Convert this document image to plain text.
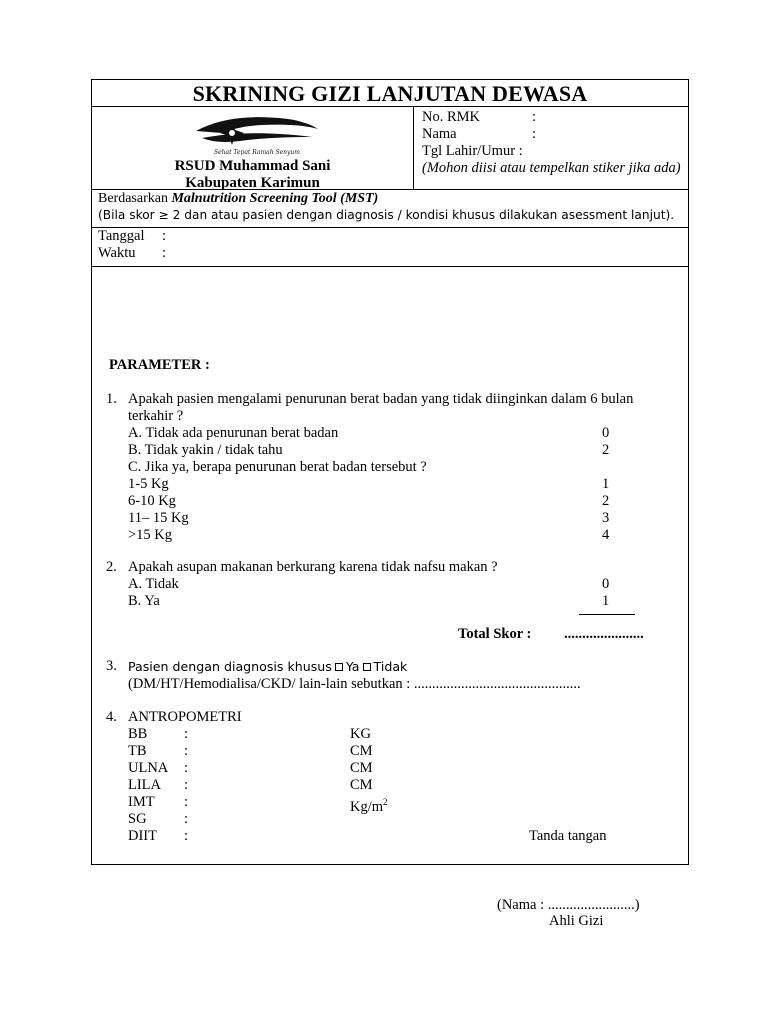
SKRINING GIZI LANJUTAN DEWASA
Sehat Tepat Ramah Senyum
RSUD Muhammad Sani
Kabupaten Karimun
No. RMK	:
Nama	:
Tgl Lahir/Umur :
(Mohon diisi atau tempelkan stiker jika ada)
Berdasarkan Malnutrition Screening Tool (MST)
(Bila skor ≥ 2 dan atau pasien dengan diagnosis / kondisi khusus dilakukan asessment lanjut).
Tanggal :
Waktu :
PARAMETER :
1. Apakah pasien mengalami penurunan berat badan yang tidak diinginkan dalam 6 bulan
terkahir ?
A. Tidak ada penurunan berat badan	0
B. Tidak yakin / tidak tahu	2
C. Jika ya, berapa penurunan berat badan tersebut ?
1-5 Kg	1
6-10 Kg	2
11– 15 Kg	3
>15 Kg	4
2. Apakah asupan makanan berkurang karena tidak nafsu makan ?
A. Tidak	0
B. Ya	1
Total Skor : ......................
3. Pasien dengan diagnosis khusus Ya Tidak
(DM/HT/Hemodialisa/CKD/ lain-lain sebutkan : ..............................................
4. ANTROPOMETRI
BB	:	KG
TB	:	CM
ULNA :	CM
LILA :	CM
IMT :	$Kg/m^2$
SG	:
DIIT :	Tanda tangan
(Nama : ........................)
Ahli Gizi
